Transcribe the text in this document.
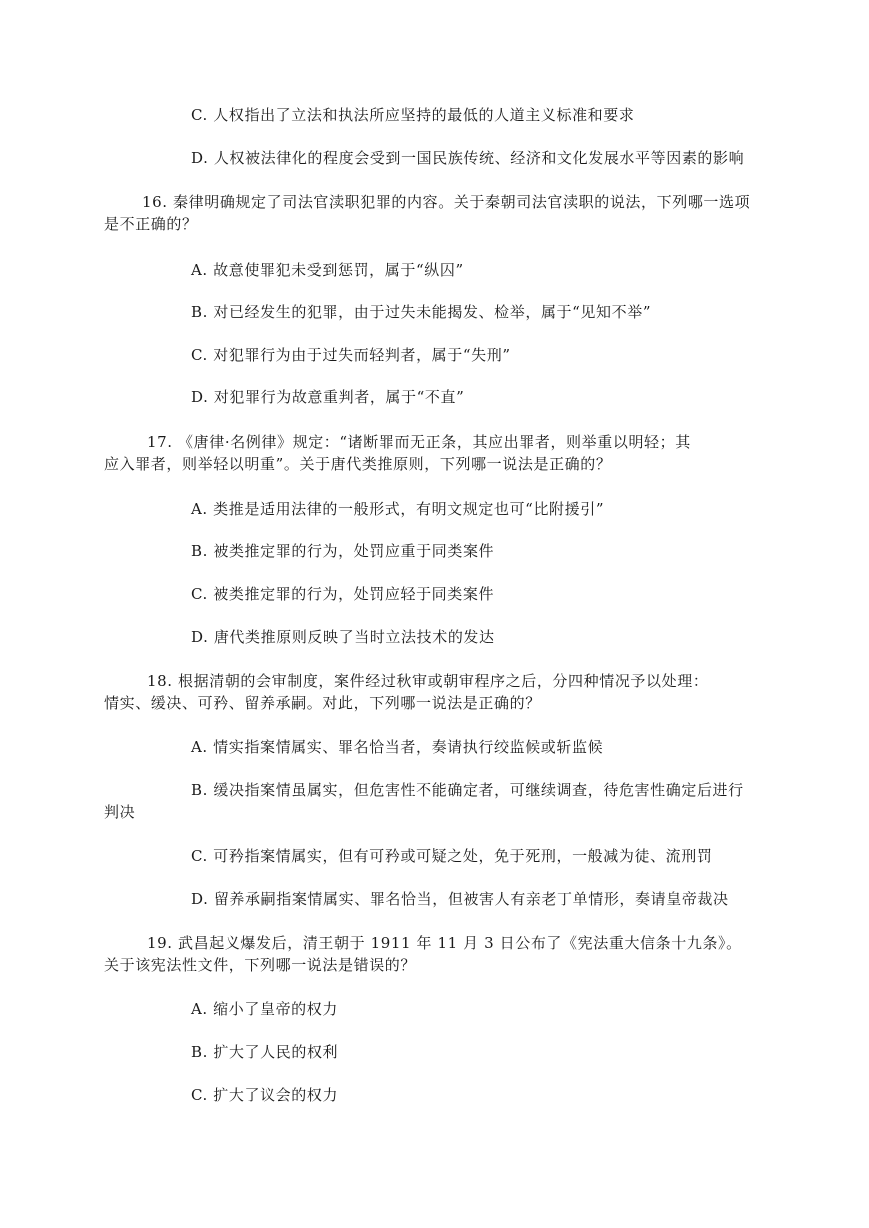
C. 人权指出了立法和执法所应坚持的最低的人道主义标准和要求
D. 人权被法律化的程度会受到一国民族传统、经济和文化发展水平等因素的影响
16. 秦律明确规定了司法官渎职犯罪的内容。关于秦朝司法官渎职的说法，下列哪一选项
是不正确的？
A. 故意使罪犯未受到惩罚，属于“纵囚”
B. 对已经发生的犯罪，由于过失未能揭发、检举，属于“见知不举”
C. 对犯罪行为由于过失而轻判者，属于“失刑”
D. 对犯罪行为故意重判者，属于“不直”
17. 《唐律·名例律》规定：“诸断罪而无正条，其应出罪者，则举重以明轻；其
应入罪者，则举轻以明重”。关于唐代类推原则，下列哪一说法是正确的？
A. 类推是适用法律的一般形式，有明文规定也可“比附援引”
B. 被类推定罪的行为，处罚应重于同类案件
C. 被类推定罪的行为，处罚应轻于同类案件
D. 唐代类推原则反映了当时立法技术的发达
18. 根据清朝的会审制度，案件经过秋审或朝审程序之后，分四种情况予以处理：
情实、缓决、可矜、留养承嗣。对此，下列哪一说法是正确的？
A. 情实指案情属实、罪名恰当者，奏请执行绞监候或斩监候
B. 缓决指案情虽属实，但危害性不能确定者，可继续调查，待危害性确定后进行
判决
C. 可矜指案情属实，但有可矜或可疑之处，免于死刑，一般减为徒、流刑罚
D. 留养承嗣指案情属实、罪名恰当，但被害人有亲老丁单情形，奏请皇帝裁决
19. 武昌起义爆发后，清王朝于 1911 年 11 月 3 日公布了《宪法重大信条十九条》。
关于该宪法性文件，下列哪一说法是错误的？
A. 缩小了皇帝的权力
B. 扩大了人民的权利
C. 扩大了议会的权力
